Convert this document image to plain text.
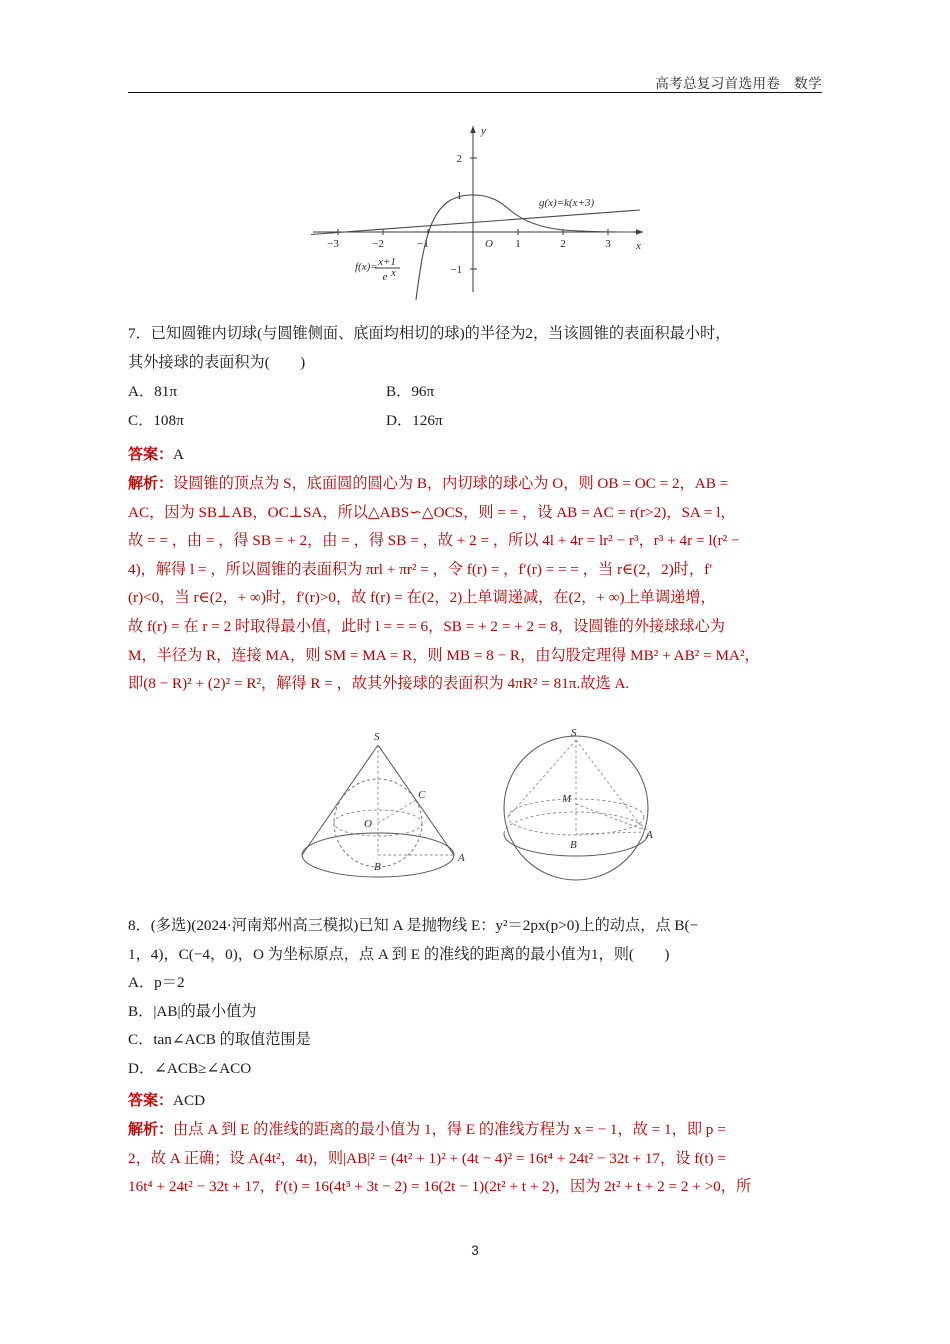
高考总复习首选用卷　数学
−3	−2	−1	1	2	3
2
1
−1
O	x
y
g(x)=k(x+3)
f(x)= x+1
e x
7．已知圆锥内切球(与圆锥侧面、底面均相切的球)的半径为2，当该圆锥的表面积最小时，
其外接球的表面积为(　　)
A．81π	B．96π
C．108π	D．126π
答案：A
解析：设圆锥的顶点为 S，底面圆的圆心为 B，内切球的球心为 O，则 OB = OC = 2，AB =
AC，因为 SB⊥AB，OC⊥SA，所以△ABS∽△OCS，则 = = ，设 AB = AC = r(r>2)，SA = l，
故 = = ，由 = ，得 SB = + 2，由 = ，得 SB = ，故 + 2 = ，所以 4l + 4r = lr² − r³，r³ + 4r = l(r² −
4)，解得 l = ，所以圆锥的表面积为 πrl + πr² = ，令 f(r) = ，f′(r) = = = ，当 r∈(2，2)时，f′
(r)<0，当 r∈(2，+ ∞)时，f′(r)>0，故 f(r) = 在(2，2)上单调递减，在(2，+ ∞)上单调递增，
故 f(r) = 在 r = 2 时取得最小值，此时 l = = = 6，SB = + 2 = + 2 = 8，设圆锥的外接球球心为
M，半径为 R，连接 MA，则 SM = MA = R，则 MB = 8 − R，由勾股定理得 MB² + AB² = MA²，
即(8 − R)² + (2)² = R²，解得 R = ，故其外接球的表面积为 4πR² = 81π.故选 A.
S
C
O
B
A
S
M
B
A
8．(多选)(2024·河南郑州高三模拟)已知 A 是抛物线 E：y²＝2px(p>0)上的动点，点 B(−
1，4)，C(−4，0)，O 为坐标原点，点 A 到 E 的准线的距离的最小值为1，则(　　)
A．p＝2
B．|AB|的最小值为
C．tan∠ACB 的取值范围是
D．∠ACB≥∠ACO
答案：ACD
解析：由点 A 到 E 的准线的距离的最小值为 1，得 E 的准线方程为 x = − 1，故 = 1，即 p =
2，故 A 正确；设 A(4t²，4t)，则|AB|² = (4t² + 1)² + (4t − 4)² = 16t⁴ + 24t² − 32t + 17，设 f(t) =
16t⁴ + 24t² − 32t + 17，f′(t) = 16(4t³ + 3t − 2) = 16(2t − 1)(2t² + t + 2)，因为 2t² + t + 2 = 2 + >0，所
3
